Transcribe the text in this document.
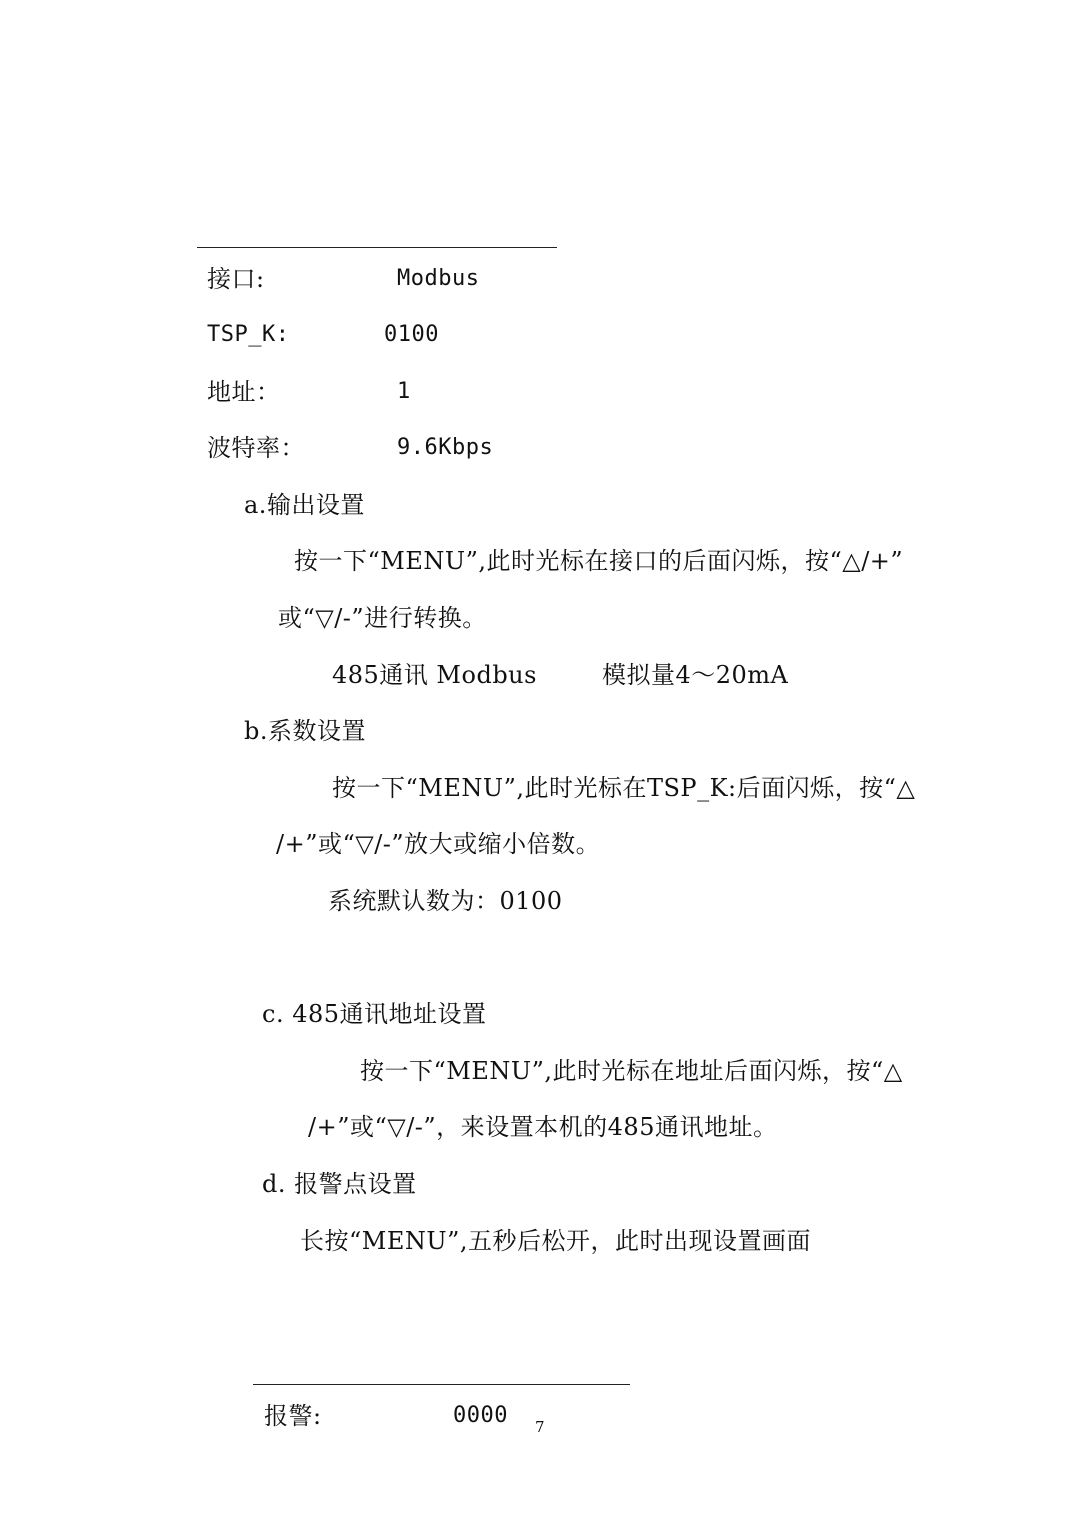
接口:	Modbus
TSP_K:	0100
地址：	1
波特率：	9.6Kbps
a.输出设置
按一下“MENU”,此时光标在接口的后面闪烁，按“△/+”
或“▽/-”进行转换。
485通讯 Modbus        模拟量4～20mA
b.系数设置
按一下“MENU”,此时光标在TSP_K:后面闪烁，按“△
/+”或“▽/-”放大或缩小倍数。
系统默认数为：0100
c. 485通讯地址设置
按一下“MENU”,此时光标在地址后面闪烁，按“△
/+”或“▽/-”，来设置本机的485通讯地址。
d. 报警点设置
长按“MENU”,五秒后松开，此时出现设置画面
报警:	0000 7
